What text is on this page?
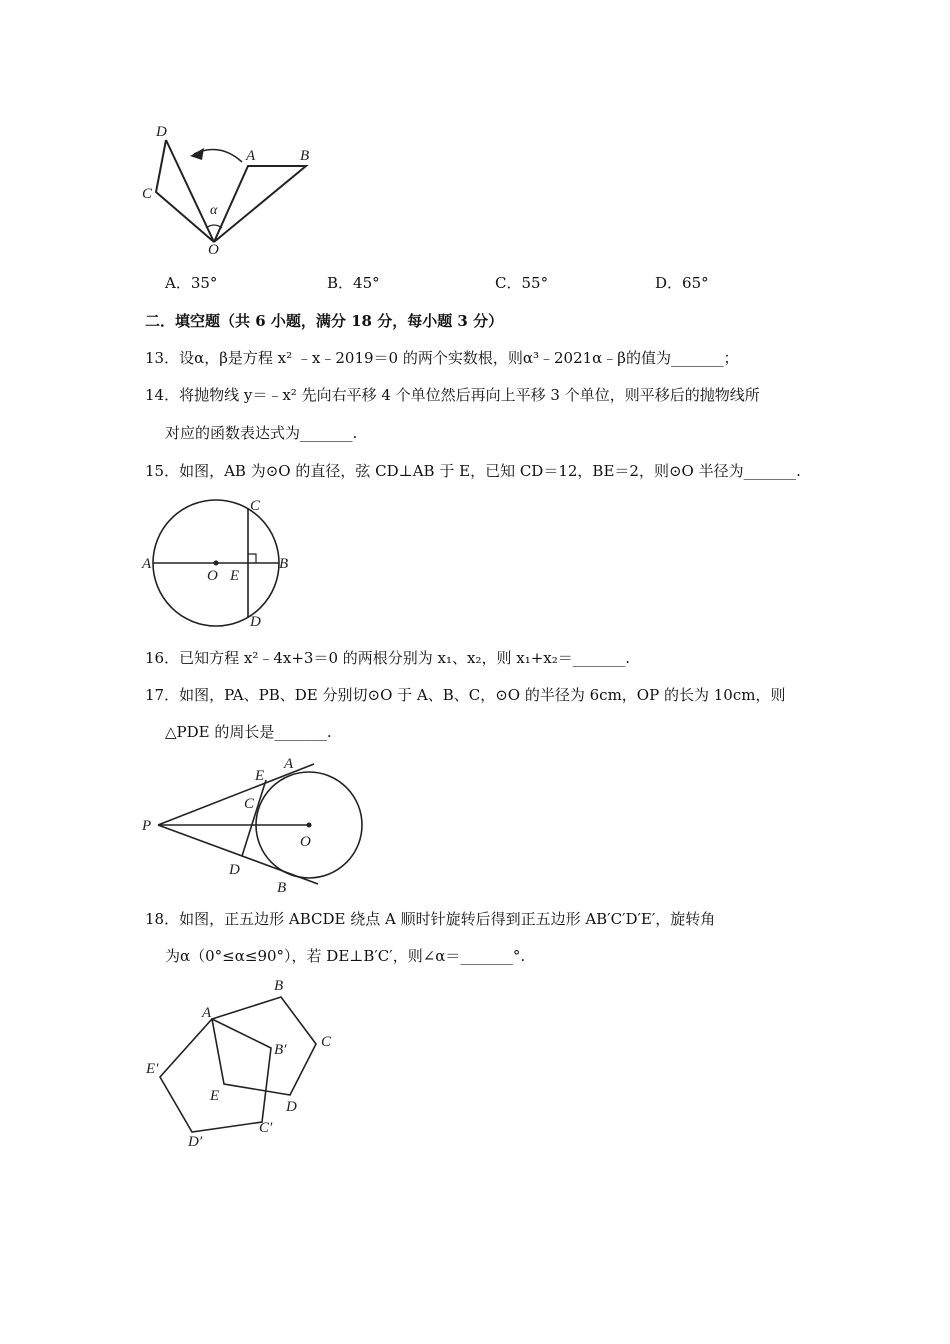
D
C
A	B
O
α
A．35°	B．45°	C．55°	D．65°
二．填空题（共 6 小题，满分 18 分，每小题 3 分）
13．设α，β是方程 x² ﹣x﹣2019＝0 的两个实数根，则α³﹣2021α﹣β的值为_______；
14．将抛物线 y＝﹣x² 先向右平移 4 个单位然后再向上平移 3 个单位，则平移后的抛物线所
对应的函数表达式为_______.
15．如图，AB 为⊙O 的直径，弦 CD⊥AB 于 E，已知 CD＝12，BE＝2，则⊙O 半径为_______.
C
A	B
O E
D
16．已知方程 x²﹣4x+3＝0 的两根分别为 x₁、x₂，则 x₁+x₂＝_______.
17．如图，PA、PB、DE 分别切⊙O 于 A、B、C，⊙O 的半径为 6cm，OP 的长为 10cm，则
△PDE 的周长是_______.
P
A
E
C
O
D
B
18．如图，正五边形 ABCDE 绕点 A 顺时针旋转后得到正五边形 AB′C′D′E′，旋转角
为α（0°≤α≤90°），若 DE⊥B′C′，则∠α＝_______°.
A
B
C
D
E
B′
C′
D′
E′
